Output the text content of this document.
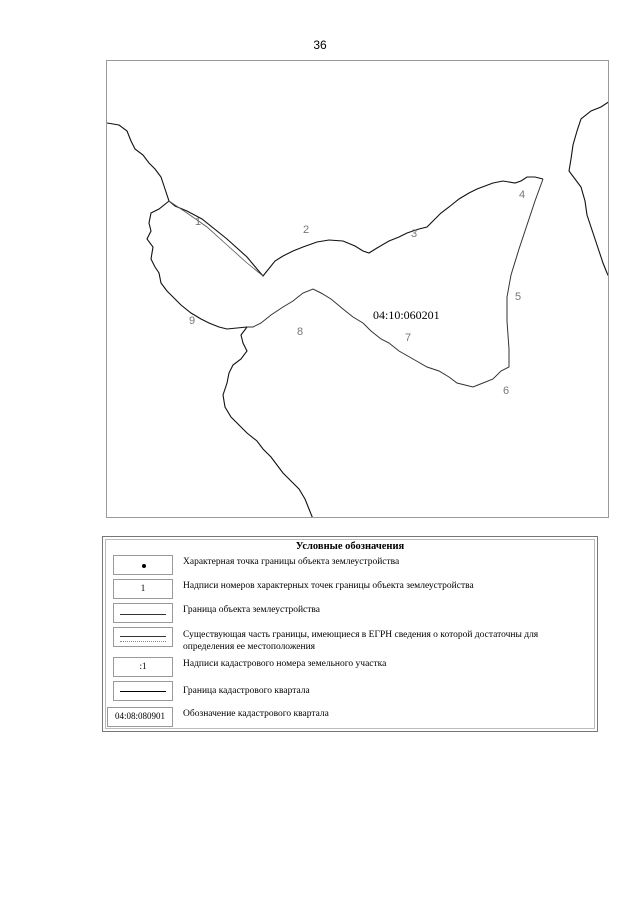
36
1
2	3
4
5
6
7
8
9	04:10:060201
Условные обозначения
Характерная точка границы объекта землеустройства
1	Надписи номеров характерных точек границы объекта землеустройства
Граница объекта землеустройства
Существующая часть границы, имеющиеся в ЕГРН сведения о которой достаточны для определения ее местоположения
:1	Надписи кадастрового номера земельного участка
Граница кадастрового квартала
04:08:080901	Обозначение кадастрового квартала
